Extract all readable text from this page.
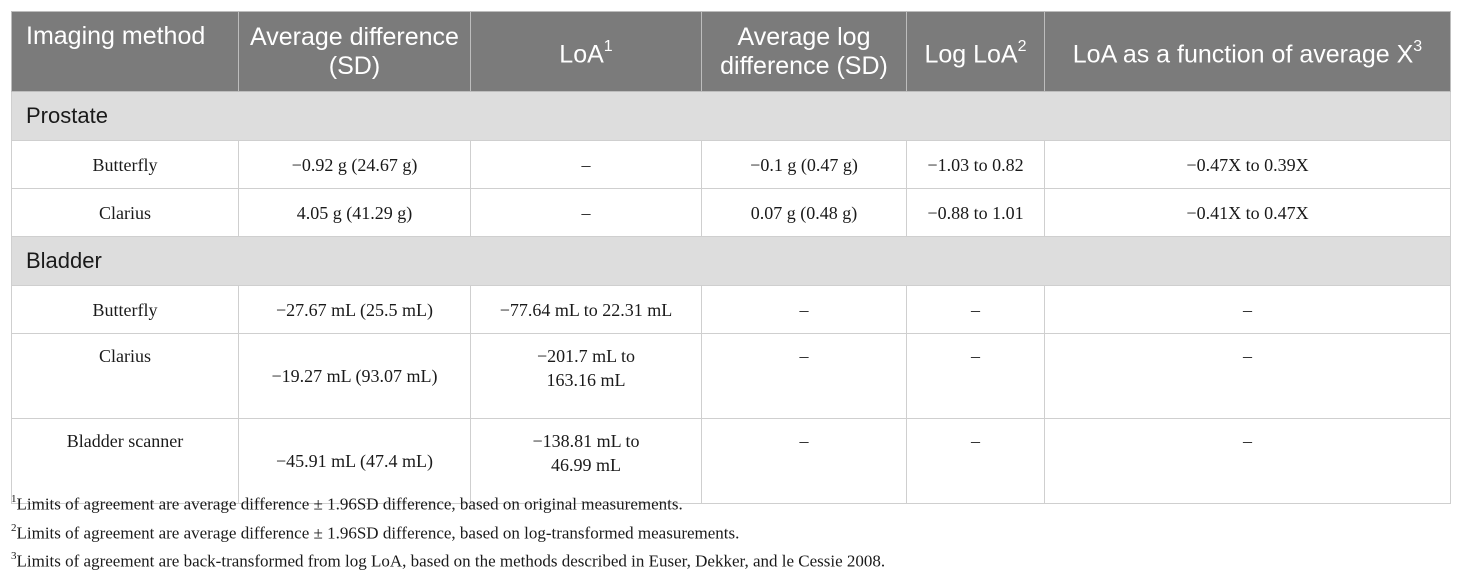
Imaging method	Average difference (SD)	LoA$^1$	Average log difference (SD)	Log LoA$^2$	LoA as a function of average $X^3$
Prostate					
Butterfly	−0.92 g (24.67 g)	–	−0.1 g (0.47 g)	−1.03 to 0.82	−0.47X to 0.39X
Clarius	4.05 g (41.29 g)	–	0.07 g (0.48 g)	−0.88 to 1.01	−0.41X to 0.47X
Bladder					
Butterfly	−27.67 mL (25.5 mL)	−77.64 mL to 22.31 mL	–	–	–
Clarius	−19.27 mL (93.07 mL)	−201.7 mL to 163.16 mL	–	–	–
Bladder scanner	−45.91 mL (47.4 mL)	−138.81 mL to 46.99 mL	–	–	–
$^1$Limits of agreement are average difference ± 1.96SD difference, based on original measurements.
$^2$Limits of agreement are average difference ± 1.96SD difference, based on log-transformed measurements.
$^3$Limits of agreement are back-transformed from log LoA, based on the methods described in Euser, Dekker, and le Cessie 2008.
